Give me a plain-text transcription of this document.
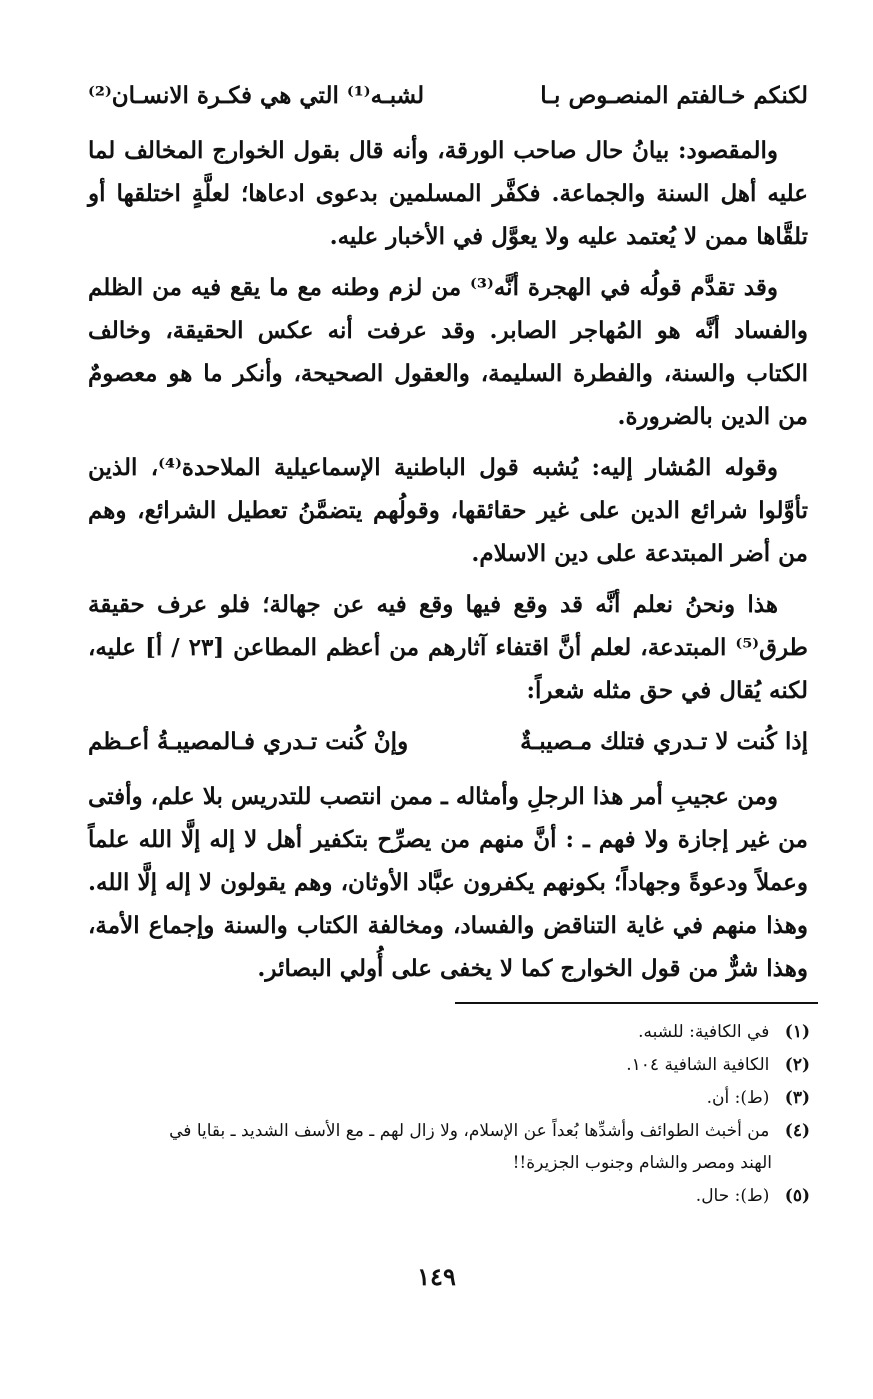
لكنكم خـالفتم المنصـوص بـا
لشبـه⁽¹⁾ التي هي فكـرة الانسـان⁽²⁾

والمقصود: بيانُ حال صاحب الورقة، وأنه قال بقول الخوارج المخالف لما عليه أهل السنة والجماعة. فكفَّر المسلمين بدعوى ادعاها؛ لعلَّةٍ اختلقها أو تلقَّاها ممن لا يُعتمد عليه ولا يعوَّل في الأخبار عليه.

وقد تقدَّم قولُه في الهجرة أنَّه⁽³⁾ من لزم وطنه مع ما يقع فيه من الظلم والفساد أنَّه هو المُهاجر الصابر. وقد عرفت أنه عكس الحقيقة، وخالف الكتاب والسنة، والفطرة السليمة، والعقول الصحيحة، وأنكر ما هو معصومٌ من الدين بالضرورة.

وقوله المُشار إليه: يُشبه قول الباطنية الإسماعيلية الملاحدة⁽⁴⁾، الذين تأوَّلوا شرائع الدين على غير حقائقها، وقولُهم يتضمَّنُ تعطيل الشرائع، وهم من أضر المبتدعة على دين الاسلام.

هذا ونحنُ نعلم أنَّه قد وقع فيها وقع فيه عن جهالة؛ فلو عرف حقيقة طرق⁽⁵⁾ المبتدعة، لعلم أنَّ اقتفاء آثارهم من أعظم المطاعن [٢٣ / أ] عليه، لكنه يُقال في حق مثله شعراً:

إذا كُنت لا تـدري فتلك مـصيبـةٌ
وإنْ كُنت تـدري فـالمصيبـةُ أعـظم

ومن عجيبِ أمر هذا الرجلِ وأمثاله ـ ممن انتصب للتدريس بلا علم، وأفتى من غير إجازة ولا فهم ـ : أنَّ منهم من يصرِّح بتكفير أهل لا إله إلَّا الله علماً وعملاً ودعوةً وجهاداً؛ بكونهم يكفرون عبَّاد الأوثان، وهم يقولون لا إله إلَّا الله. وهذا منهم في غاية التناقض والفساد، ومخالفة الكتاب والسنة وإجماع الأمة، وهذا شرٌّ من قول الخوارج كما لا يخفى على أُولي البصائر.

(١) في الكافية: للشبه.
(٢) الكافية الشافية ١٠٤.
(٣) (ط): أن.
(٤) من أخبث الطوائف وأشدِّها بُعداً عن الإسلام، ولا زال لهم ـ مع الأسف الشديد ـ بقايا في
الهند ومصر والشام وجنوب الجزيرة!!
(٥) (ط): حال.
١٤٩
